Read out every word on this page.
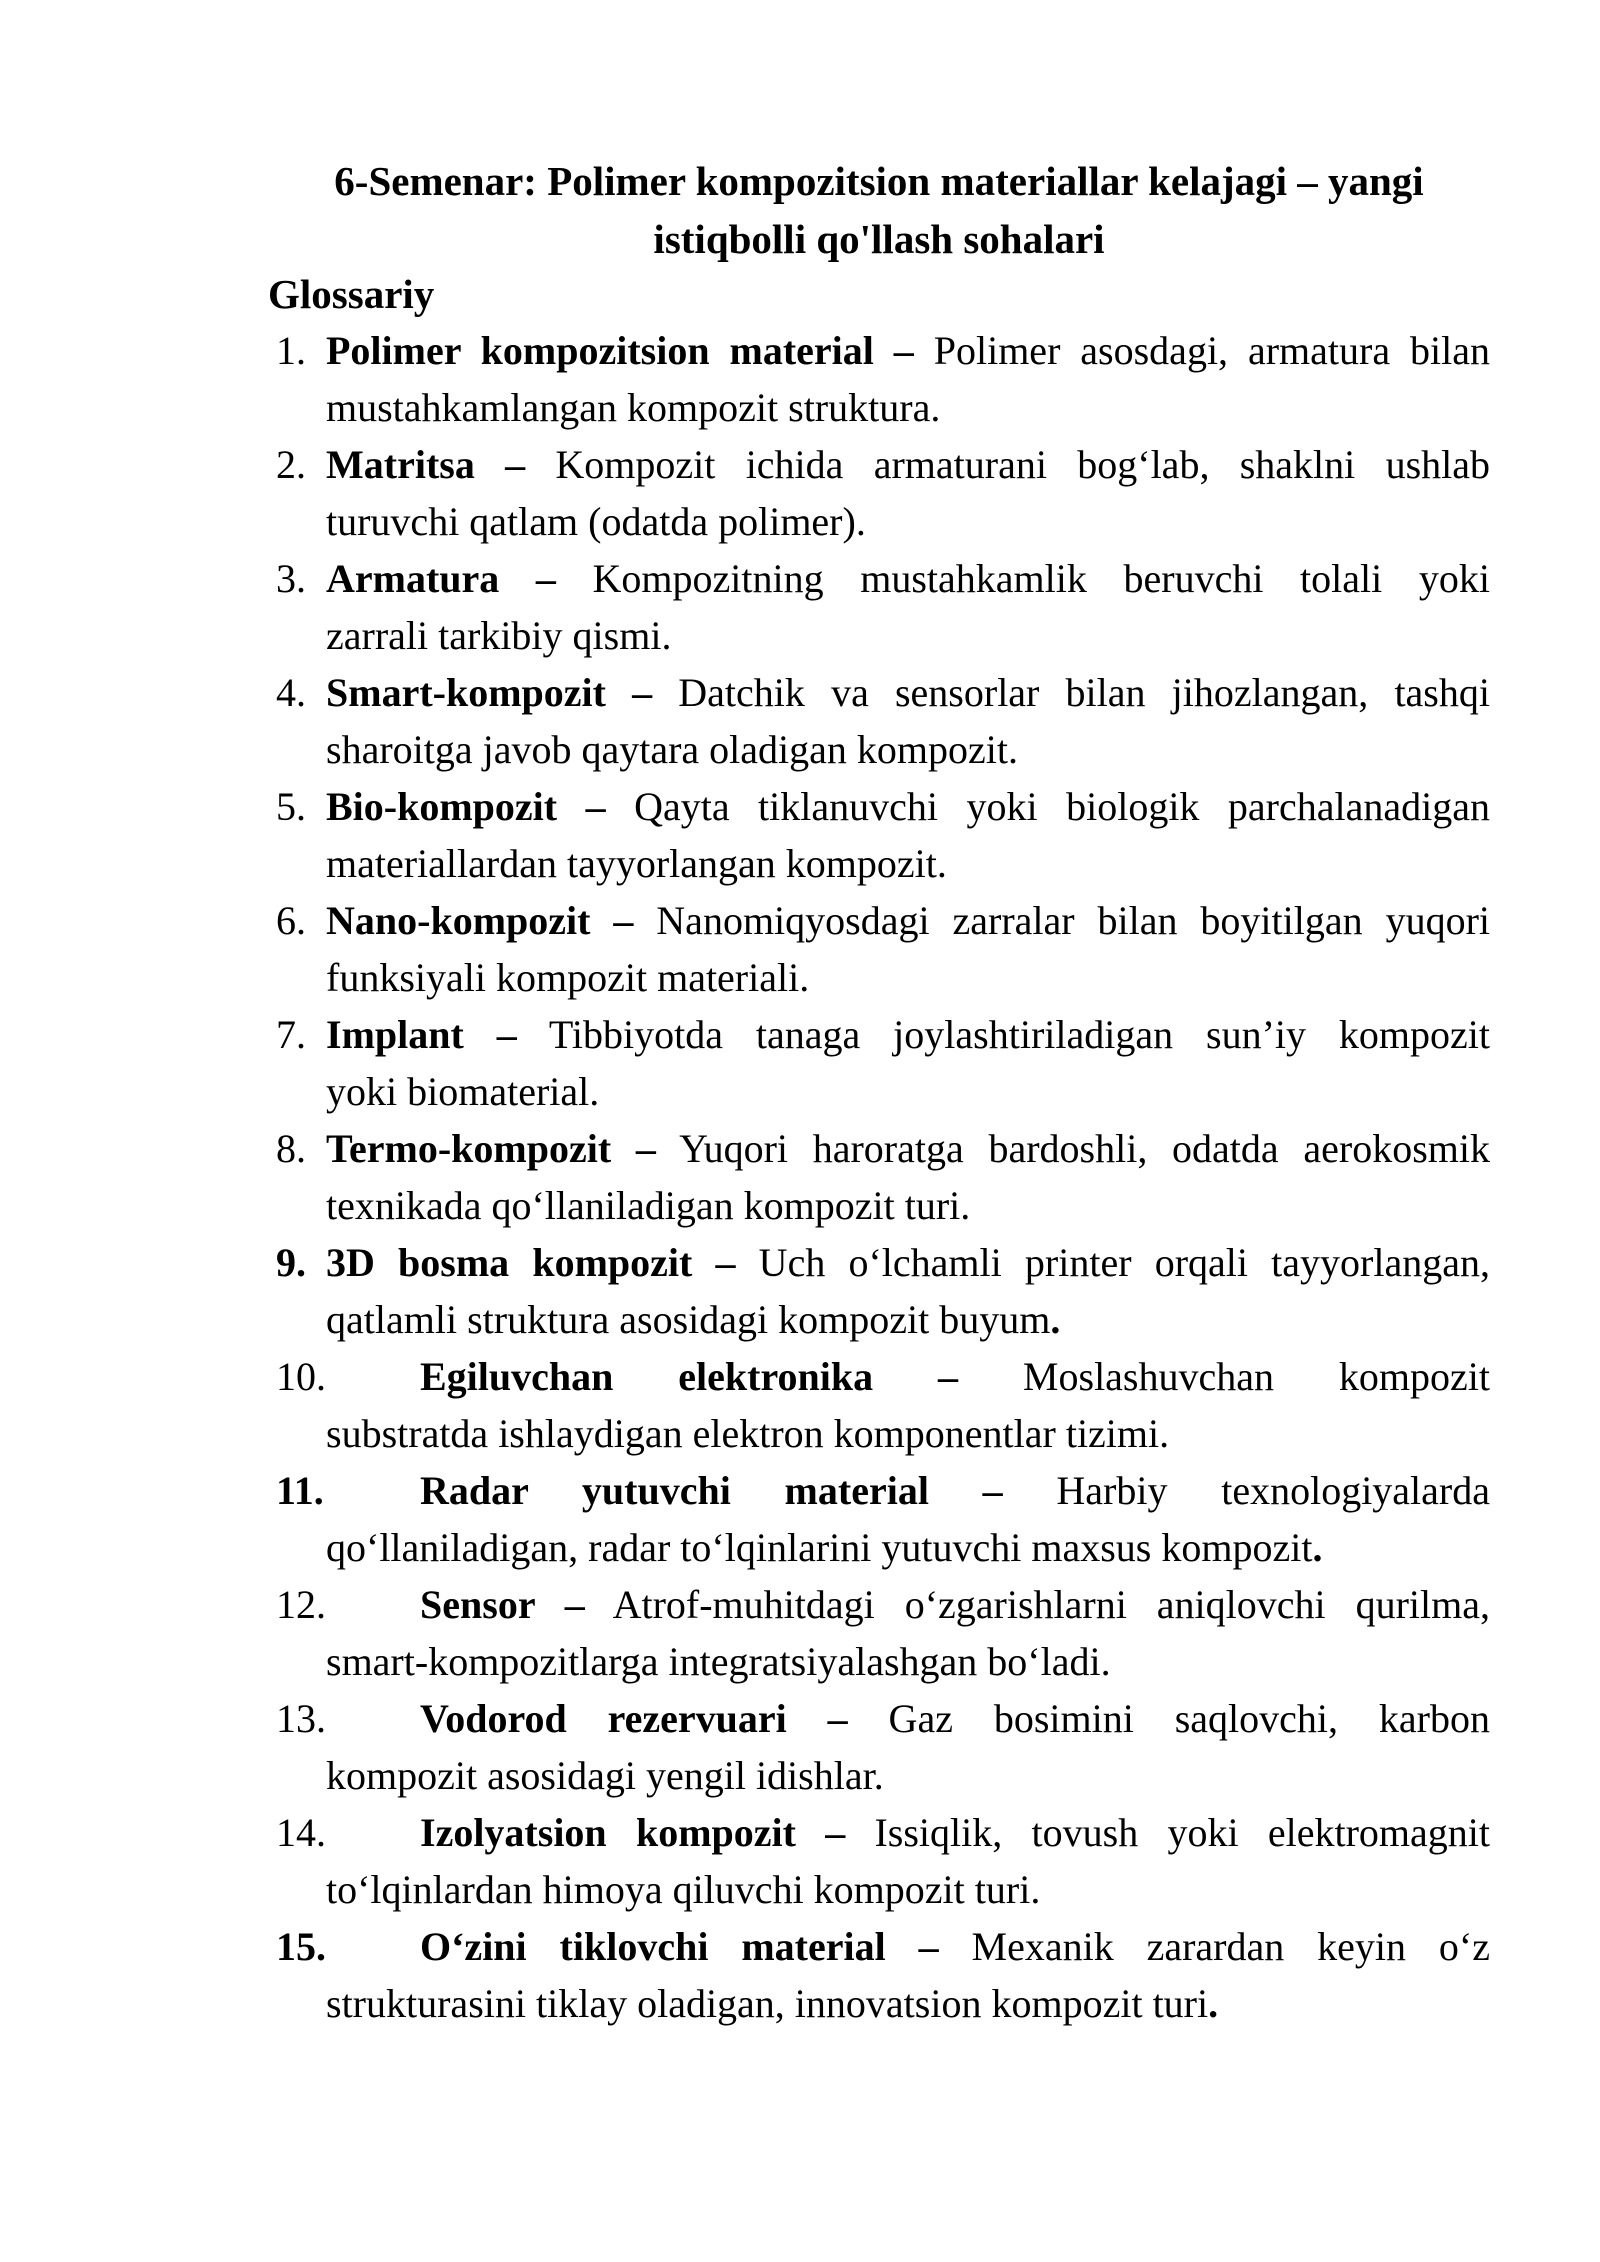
6-Semenar: Polimer kompozitsion materiallar kelajagi – yangi
istiqbolli qo'llash sohalari
Glossariy
1. Polimer kompozitsion material – Polimer asosdagi, armatura bilan
mustahkamlangan kompozit struktura.
2. Matritsa – Kompozit ichida armaturani bog‘lab, shaklni ushlab
turuvchi qatlam (odatda polimer).
3. Armatura – Kompozitning mustahkamlik beruvchi tolali yoki
zarrali tarkibiy qismi.
4. Smart-kompozit – Datchik va sensorlar bilan jihozlangan, tashqi
sharoitga javob qaytara oladigan kompozit.
5. Bio-kompozit – Qayta tiklanuvchi yoki biologik parchalanadigan
materiallardan tayyorlangan kompozit.
6. Nano-kompozit – Nanomiqyosdagi zarralar bilan boyitilgan yuqori
funksiyali kompozit materiali.
7. Implant – Tibbiyotda tanaga joylashtiriladigan sun’iy kompozit
yoki biomaterial.
8. Termo-kompozit – Yuqori haroratga bardoshli, odatda aerokosmik
texnikada qo‘llaniladigan kompozit turi.
9. 3D bosma kompozit – Uch o‘lchamli printer orqali tayyorlangan,
qatlamli struktura asosidagi kompozit buyum.
10. Egiluvchan elektronika – Moslashuvchan kompozit
substratda ishlaydigan elektron komponentlar tizimi.
11. Radar yutuvchi material – Harbiy texnologiyalarda
qo‘llaniladigan, radar to‘lqinlarini yutuvchi maxsus kompozit.
12. Sensor – Atrof-muhitdagi o‘zgarishlarni aniqlovchi qurilma,
smart-kompozitlarga integratsiyalashgan bo‘ladi.
13. Vodorod rezervuari – Gaz bosimini saqlovchi, karbon
kompozit asosidagi yengil idishlar.
14. Izolyatsion kompozit – Issiqlik, tovush yoki elektromagnit
to‘lqinlardan himoya qiluvchi kompozit turi.
15. O‘zini tiklovchi material – Mexanik zarardan keyin o‘z
strukturasini tiklay oladigan, innovatsion kompozit turi.
